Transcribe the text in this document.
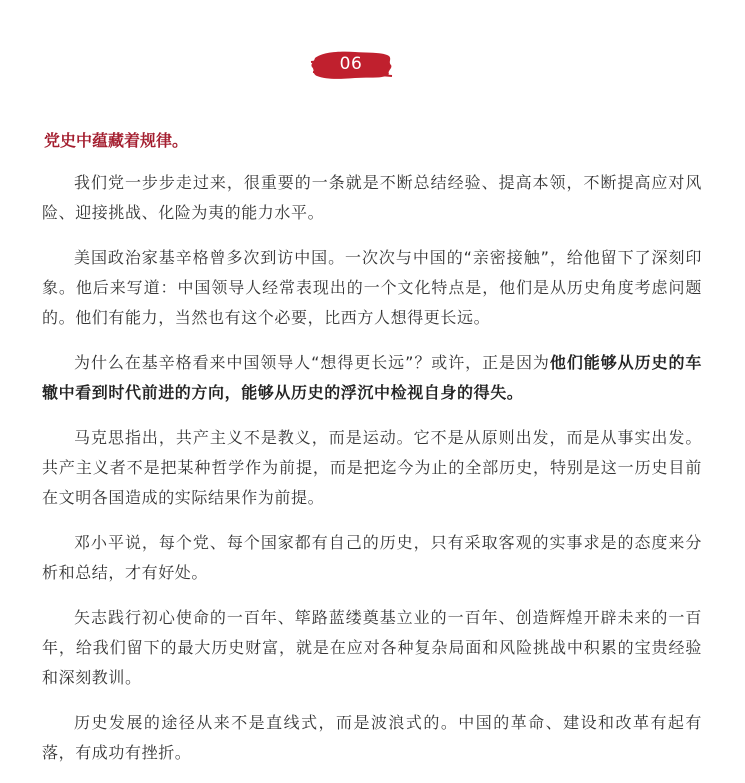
06
党史中蕴藏着规律。

我们党一步步走过来，很重要的一条就是不断总结经验、提高本领，不断提高应对风险、迎接挑战、化险为夷的能力水平。

美国政治家基辛格曾多次到访中国。一次次与中国的“亲密接触”，给他留下了深刻印象。他后来写道：中国领导人经常表现出的一个文化特点是，他们是从历史角度考虑问题的。他们有能力，当然也有这个必要，比西方人想得更长远。

为什么在基辛格看来中国领导人“想得更长远”？或许，正是因为他们能够从历史的车辙中看到时代前进的方向，能够从历史的浮沉中检视自身的得失。

马克思指出，共产主义不是教义，而是运动。它不是从原则出发，而是从事实出发。共产主义者不是把某种哲学作为前提，而是把迄今为止的全部历史，特别是这一历史目前在文明各国造成的实际结果作为前提。

邓小平说，每个党、每个国家都有自己的历史，只有采取客观的实事求是的态度来分析和总结，才有好处。

矢志践行初心使命的一百年、筚路蓝缕奠基立业的一百年、创造辉煌开辟未来的一百年，给我们留下的最大历史财富，就是在应对各种复杂局面和风险挑战中积累的宝贵经验和深刻教训。

历史发展的途径从来不是直线式，而是波浪式的。中国的革命、建设和改革有起有落，有成功有挫折。
